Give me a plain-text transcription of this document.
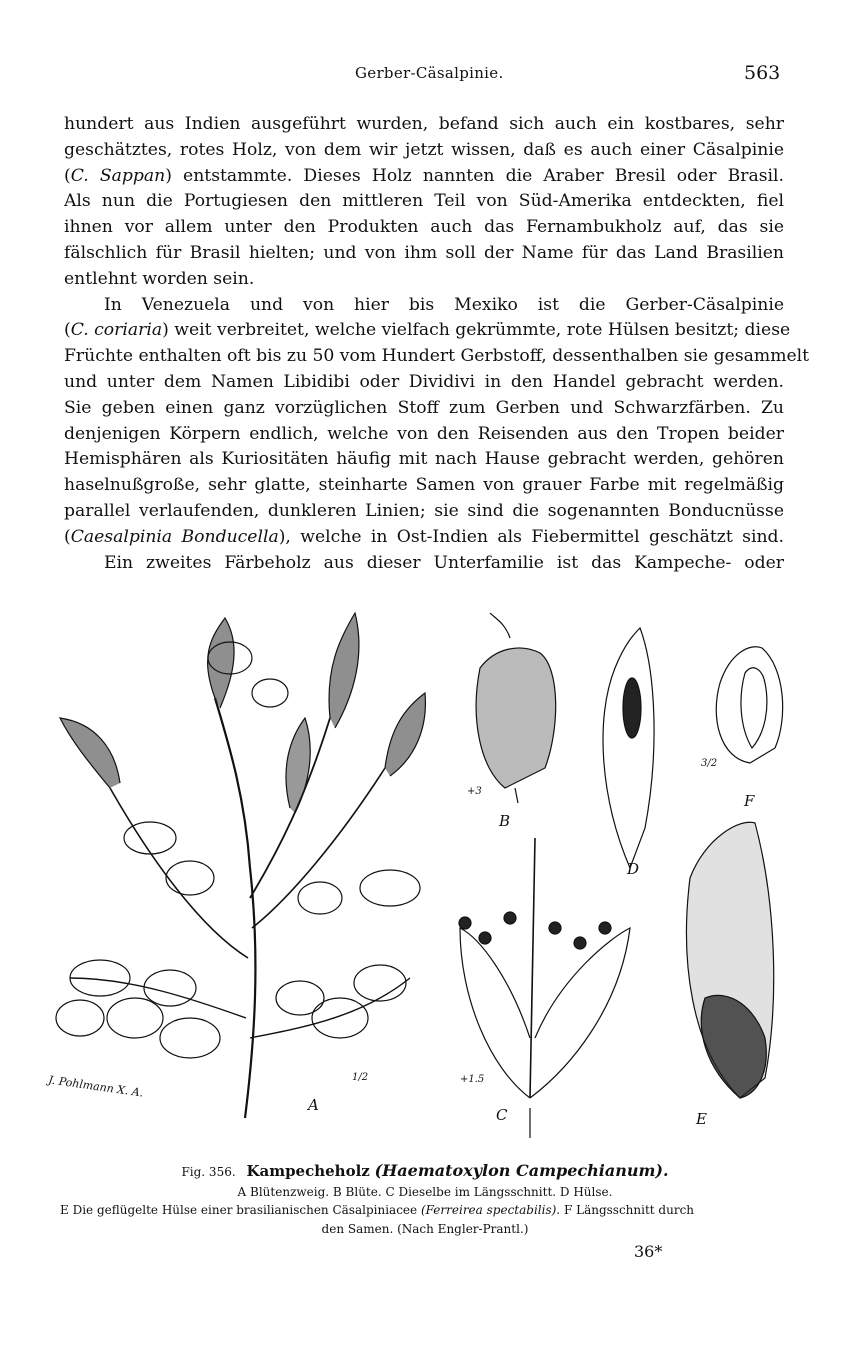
Gerber-Cäsalpinie.	563
hundert aus Indien ausgeführt wurden, befand sich auch ein kostbares, sehr
geschätztes, rotes Holz, von dem wir jetzt wissen, daß es auch einer Cäsalpinie
(C. Sappan) entstammte. Dieses Holz nannten die Araber Bresil oder Brasil.
Als nun die Portugiesen den mittleren Teil von Süd-Amerika entdeckten, fiel
ihnen vor allem unter den Produkten auch das Fernambukholz auf, das sie
fälschlich für Brasil hielten; und von ihm soll der Name für das Land Brasilien
entlehnt worden sein.
In Venezuela und von hier bis Mexiko ist die Gerber-Cäsalpinie
(C. coriaria) weit verbreitet, welche vielfach gekrümmte, rote Hülsen besitzt; diese
Früchte enthalten oft bis zu 50 vom Hundert Gerbstoff, dessenthalben sie gesammelt
und unter dem Namen Libidibi oder Dividivi in den Handel gebracht werden.
Sie geben einen ganz vorzüglichen Stoff zum Gerben und Schwarzfärben. Zu
denjenigen Körpern endlich, welche von den Reisenden aus den Tropen beider
Hemisphären als Kuriositäten häufig mit nach Hause gebracht werden, gehören
haselnußgroße, sehr glatte, steinharte Samen von grauer Farbe mit regelmäßig
parallel verlaufenden, dunkleren Linien; sie sind die sogenannten Bonducnüsse
(Caesalpinia Bonducella), welche in Ost-Indien als Fiebermittel geschätzt sind.
Ein zweites Färbeholz aus dieser Unterfamilie ist das Kampeche- oder
A
B
C
D
E
F
1/2
+3
+1.5
3/2
J. Pohlmann X. A.
Fig. 356. Kampecheholz (Haematoxylon Campechianum).
A Blütenzweig. B Blüte. C Dieselbe im Längsschnitt. D Hülse.
E Die geflügelte Hülse einer brasilianischen Cäsalpiniacee (Ferreirea spectabilis). F Längsschnitt durch
den Samen. (Nach Engler-Prantl.)
36*
